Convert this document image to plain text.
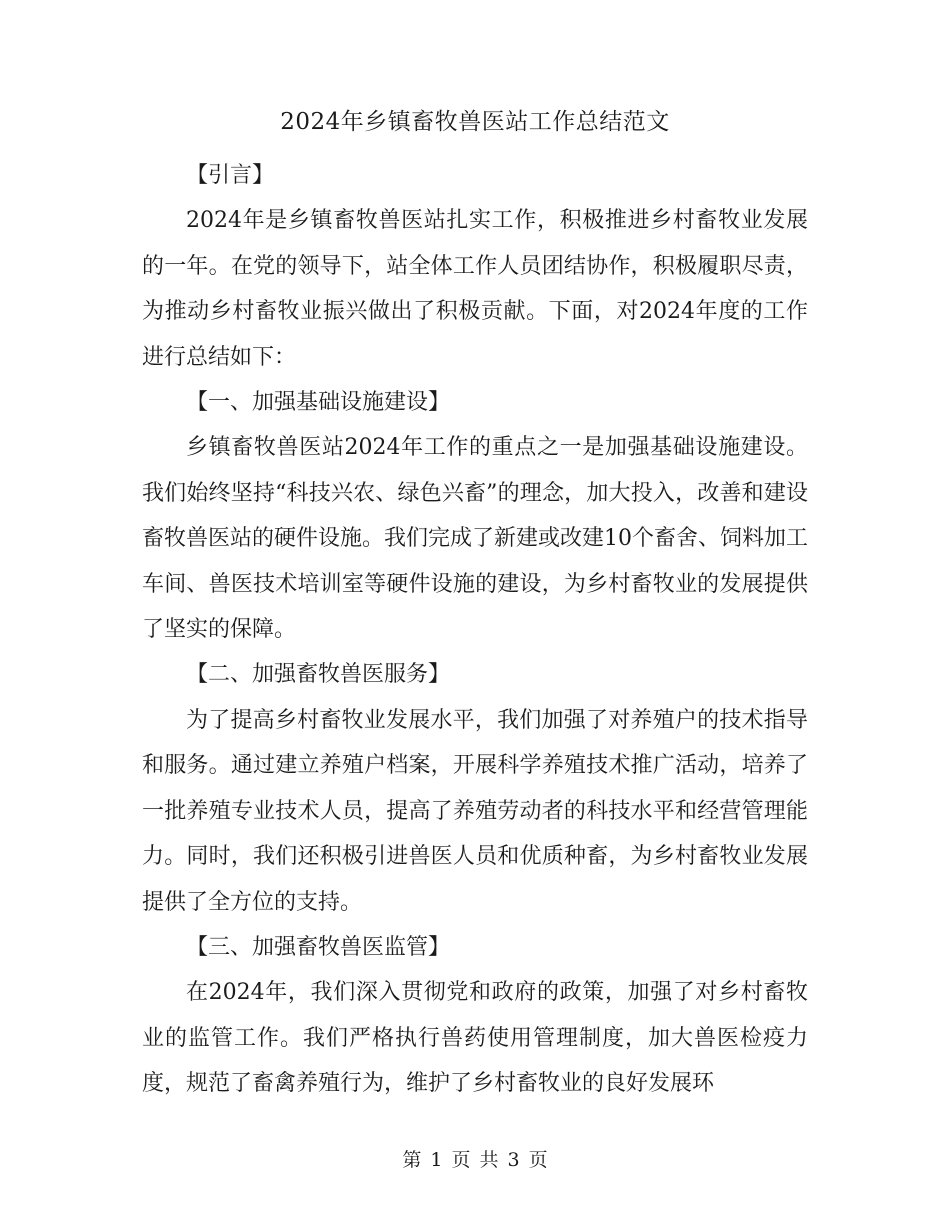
2024年乡镇畜牧兽医站工作总结范文

【引言】

2024年是乡镇畜牧兽医站扎实工作，积极推进乡村畜牧业发展的一年。在党的领导下，站全体工作人员团结协作，积极履职尽责，为推动乡村畜牧业振兴做出了积极贡献。下面，对2024年度的工作进行总结如下：

【一、加强基础设施建设】

乡镇畜牧兽医站2024年工作的重点之一是加强基础设施建设。我们始终坚持“科技兴农、绿色兴畜”的理念，加大投入，改善和建设畜牧兽医站的硬件设施。我们完成了新建或改建10个畜舍、饲料加工车间、兽医技术培训室等硬件设施的建设，为乡村畜牧业的发展提供了坚实的保障。

【二、加强畜牧兽医服务】

为了提高乡村畜牧业发展水平，我们加强了对养殖户的技术指导和服务。通过建立养殖户档案，开展科学养殖技术推广活动，培养了一批养殖专业技术人员，提高了养殖劳动者的科技水平和经营管理能力。同时，我们还积极引进兽医人员和优质种畜，为乡村畜牧业发展提供了全方位的支持。

【三、加强畜牧兽医监管】

在2024年，我们深入贯彻党和政府的政策，加强了对乡村畜牧业的监管工作。我们严格执行兽药使用管理制度，加大兽医检疫力度，规范了畜禽养殖行为，维护了乡村畜牧业的良好发展环

第 1 页 共 3 页
